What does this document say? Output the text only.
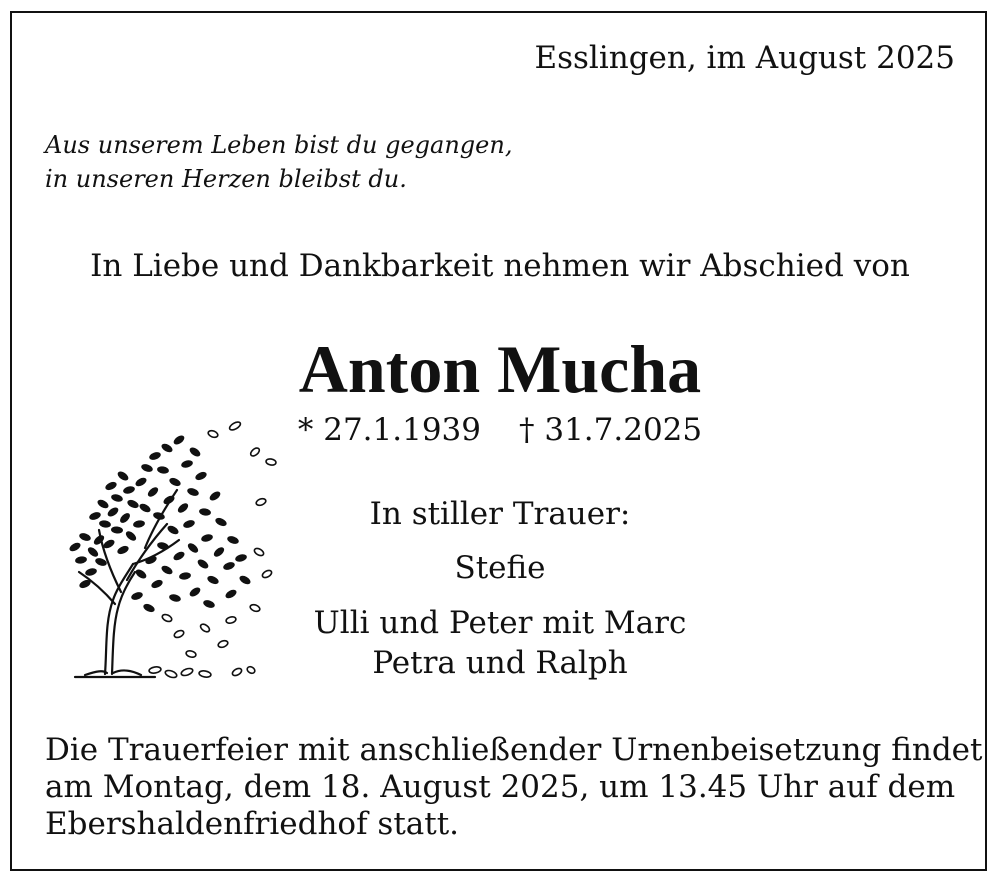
Esslingen, im August 2025
Aus unserem Leben bist du gegangen,
in unseren Herzen bleibst du.
In Liebe und Dankbarkeit nehmen wir Abschied von
Anton Mucha
* 27.1.1939 † 31.7.2025
In stiller Trauer:
Stefie
Ulli und Peter mit Marc
Petra und Ralph
Die Trauerfeier mit anschließender Urnenbeisetzung findet
am Montag, dem 18. August 2025, um 13.45 Uhr auf dem
Ebershaldenfriedhof statt.
